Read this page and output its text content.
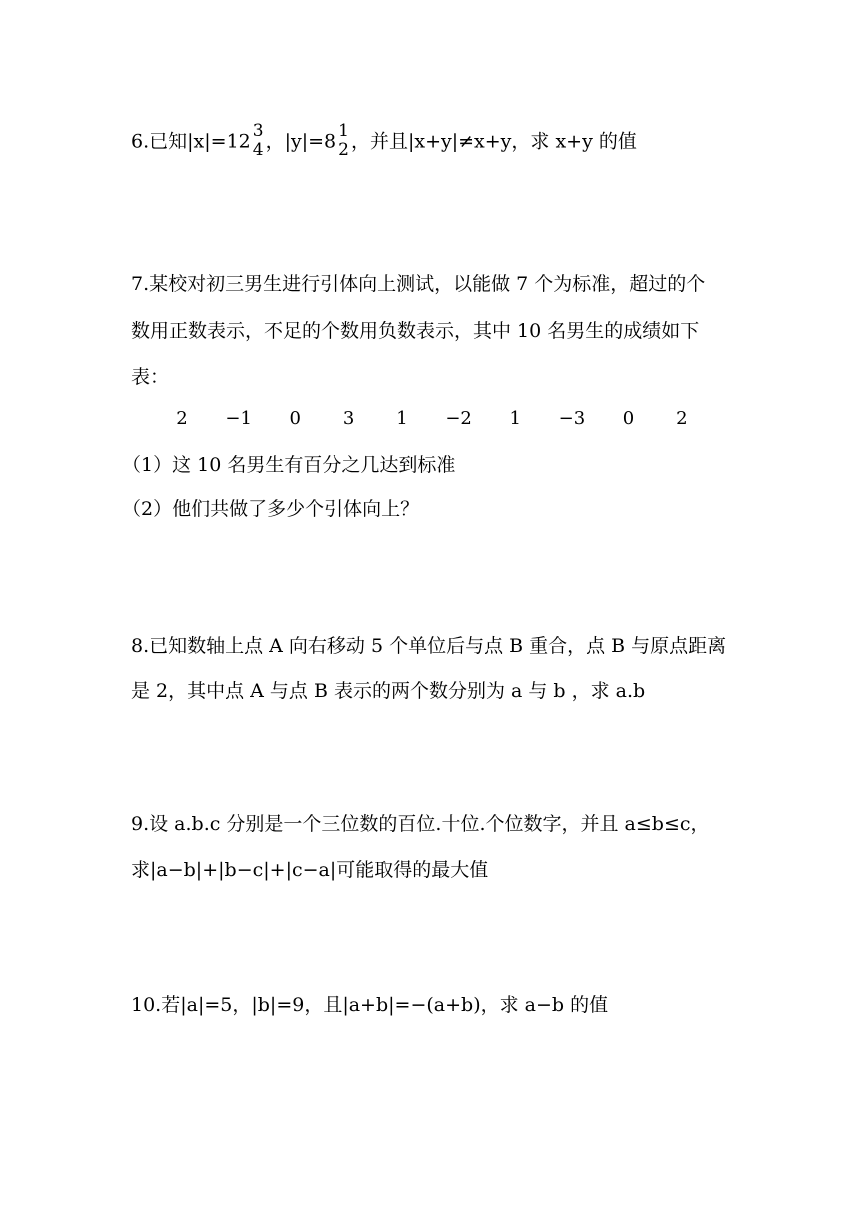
6.已知|x|=12 3
4 ，|y|=8 1
2 ，并且|x+y|≠x+y，求 x+y 的值
7.某校对初三男生进行引体向上测试，以能做 7 个为标准，超过的个
数用正数表示，不足的个数用负数表示，其中 10 名男生的成绩如下
表：
2 −1 0 3 1 −2 1 −3 0 2
（1）这 10 名男生有百分之几达到标准
（2）他们共做了多少个引体向上？
8.已知数轴上点 A 向右移动 5 个单位后与点 B 重合，点 B 与原点距离
是 2，其中点 A 与点 B 表示的两个数分别为 a 与 b ，求 a.b
9.设 a.b.c 分别是一个三位数的百位.十位.个位数字，并且 a≤b≤c，
求|a−b|+|b−c|+|c−a|可能取得的最大值
10.若|a|=5，|b|=9，且|a+b|=−(a+b)，求 a−b 的值
